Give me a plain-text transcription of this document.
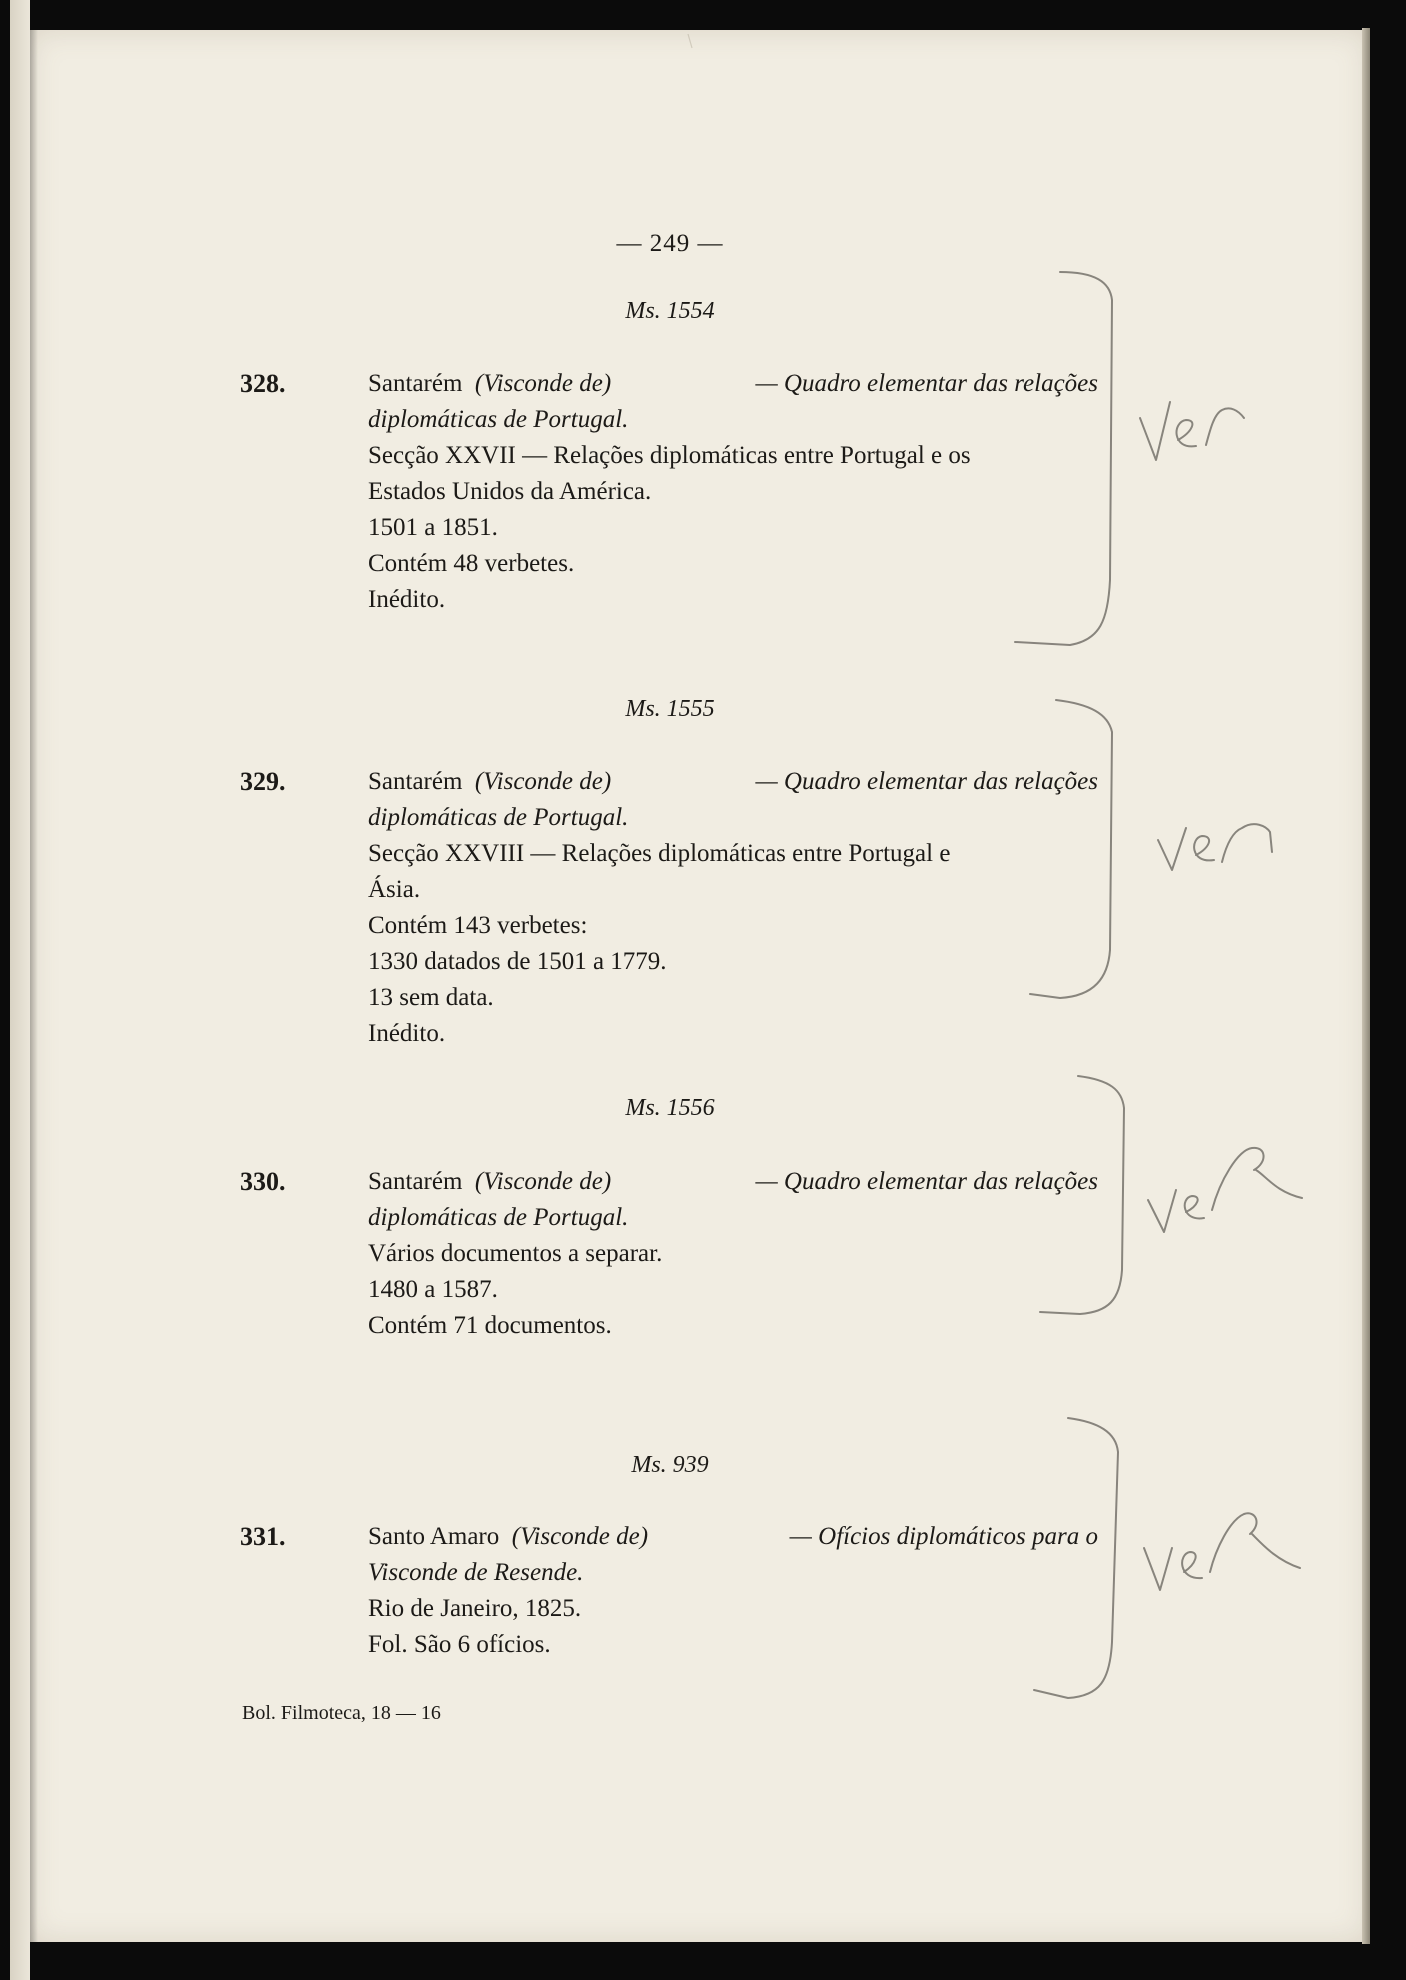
— 249 —
Ms. 1554
328.	Santarém (Visconde de)	— Quadro elementar das relações
diplomáticas de Portugal.
Secção XXVII — Relações diplomáticas entre Portugal e os
Estados Unidos da América.
1501 a 1851.
Contém 48 verbetes.
Inédito.
Ms. 1555
329.	Santarém (Visconde de)	— Quadro elementar das relações
diplomáticas de Portugal.
Secção XXVIII — Relações diplomáticas entre Portugal e
Ásia.
Contém 143 verbetes:
1330 datados de 1501 a 1779.
13 sem data.
Inédito.
Ms. 1556
330.	Santarém (Visconde de)	— Quadro elementar das relações
diplomáticas de Portugal.
Vários documentos a separar.
1480 a 1587.
Contém 71 documentos.
Ms. 939
331.	Santo Amaro (Visconde de)	— Ofícios diplomáticos para o
Visconde de Resende.
Rio de Janeiro, 1825.
Fol. São 6 ofícios.
Bol. Filmoteca, 18 — 16
